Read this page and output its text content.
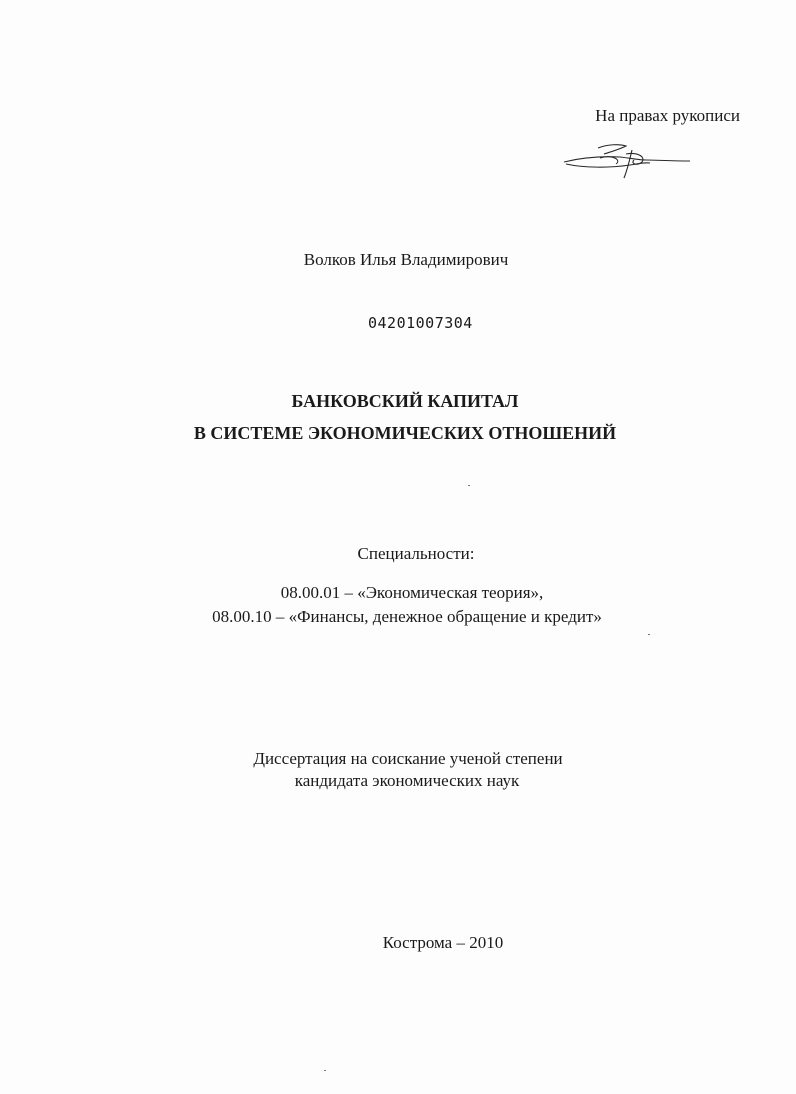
На правах рукописи
Волков Илья Владимирович
04201007304
БАНКОВСКИЙ КАПИТАЛ
В СИСТЕМЕ ЭКОНОМИЧЕСКИХ ОТНОШЕНИЙ
Специальности:
08.00.01 – «Экономическая теория»,
08.00.10 – «Финансы, денежное обращение и кредит»
Диссертация на соискание ученой степени
кандидата экономических наук
Кострома – 2010
